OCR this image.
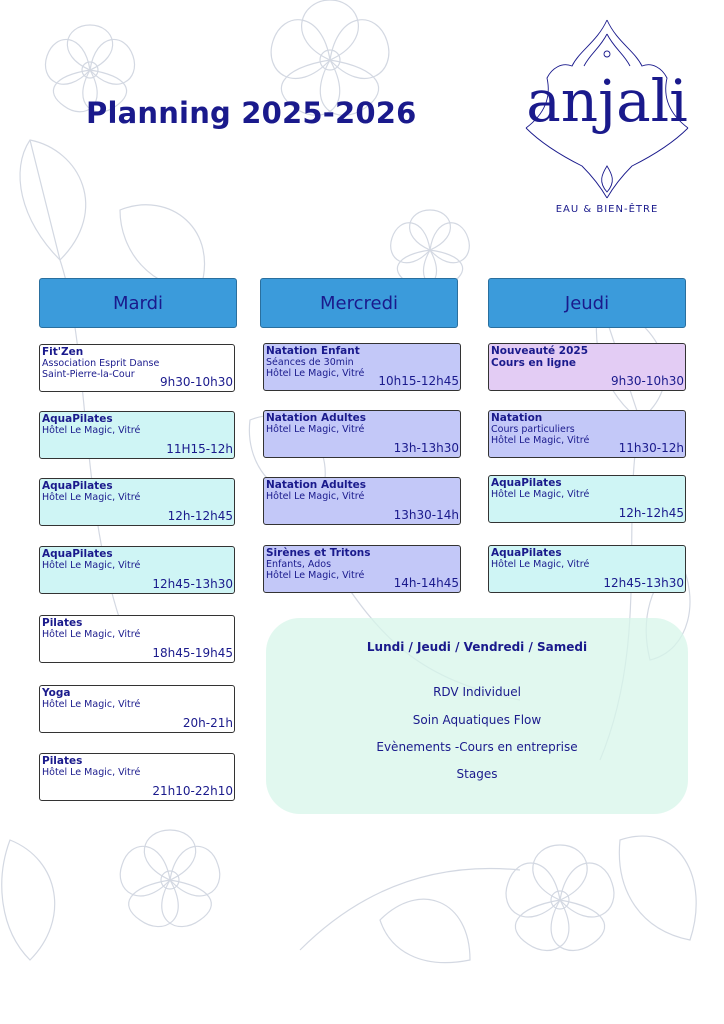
Planning 2025-2026 anjali
EAU & BIEN-ÊTRE
Mardi	Mercredi	Jeudi
Fit'Zen
Association Esprit Danse
Saint-Pierre-la-Cour
9h30-10h30
AquaPilates
Hôtel Le Magic, Vitré
11H15-12h
AquaPilates
Hôtel Le Magic, Vitré
12h-12h45
AquaPilates
Hôtel Le Magic, Vitré
12h45-13h30
Pilates
Hôtel Le Magic, Vitré
18h45-19h45
Yoga
Hôtel Le Magic, Vitré
20h-21h
Pilates
Hôtel Le Magic, Vitré
21h10-22h10
Natation Enfant
Séances de 30min
Hôtel Le Magic, Vitré
10h15-12h45
Natation Adultes
Hôtel Le Magic, Vitré
13h-13h30
Natation Adultes
Hôtel Le Magic, Vitré
13h30-14h
Sirènes et Tritons
Enfants, Ados
Hôtel Le Magic, Vitré
14h-14h45
Nouveauté 2025
Cours en ligne
9h30-10h30
Natation
Cours particuliers
Hôtel Le Magic, Vitré
11h30-12h
AquaPilates
Hôtel Le Magic, Vitré
12h-12h45
AquaPilates
Hôtel Le Magic, Vitré
12h45-13h30
Lundi / Jeudi / Vendredi / Samedi
RDV Individuel
Soin Aquatiques Flow
Evènements -Cours en entreprise
Stages
